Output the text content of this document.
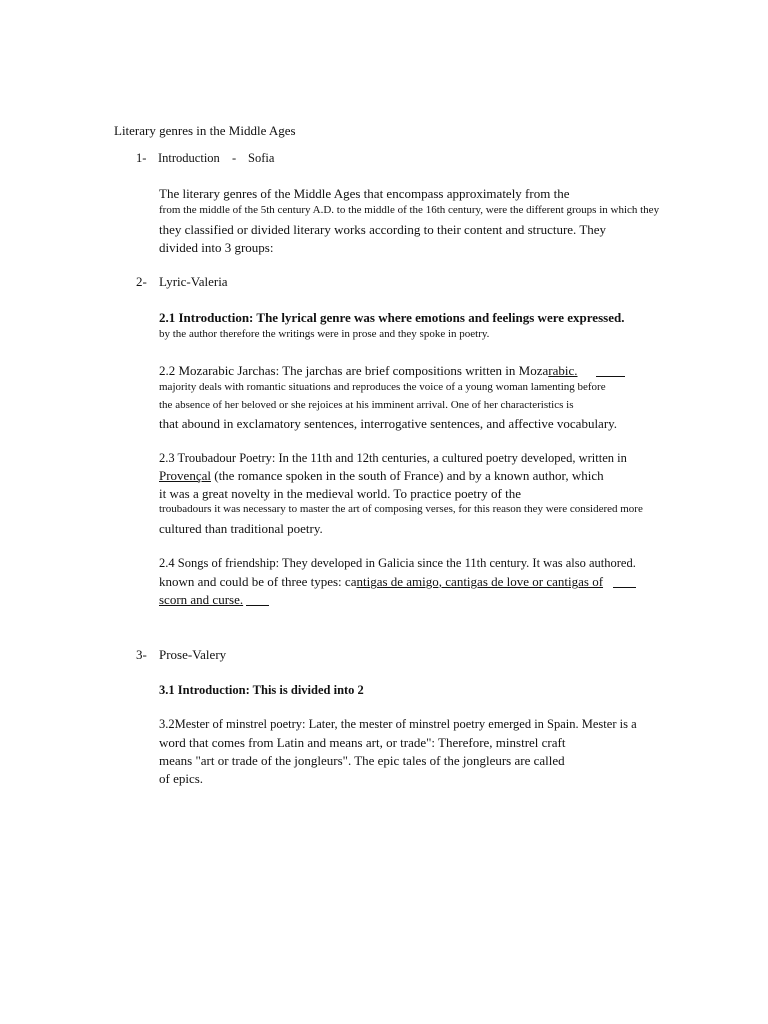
Literary genres in the Middle Ages
1- Introduction - Sofia
The literary genres of the Middle Ages that encompass approximately from the
from the middle of the 5th century A.D. to the middle of the 16th century, were the different groups in which they
they classified or divided literary works according to their content and structure. They
divided into 3 groups:
2- Lyric-Valeria
2.1 Introduction: The lyrical genre was where emotions and feelings were expressed.
by the author therefore the writings were in prose and they spoke in poetry.
2.2 Mozarabic Jarchas: The jarchas are brief compositions written in Mozarabic.
majority deals with romantic situations and reproduces the voice of a young woman lamenting before
the absence of her beloved or she rejoices at his imminent arrival. One of her characteristics is
that abound in exclamatory sentences, interrogative sentences, and affective vocabulary.
2.3 Troubadour Poetry: In the 11th and 12th centuries, a cultured poetry developed, written in
Provençal (the romance spoken in the south of France) and by a known author, which
it was a great novelty in the medieval world. To practice poetry of the
troubadours it was necessary to master the art of composing verses, for this reason they were considered more
cultured than traditional poetry.
2.4 Songs of friendship: They developed in Galicia since the 11th century. It was also authored.
known and could be of three types: cantigas de amigo, cantigas de love or cantigas of
scorn and curse.
3- Prose-Valery
3.1 Introduction: This is divided into 2
3.2Mester of minstrel poetry: Later, the mester of minstrel poetry emerged in Spain. Mester is a
word that comes from Latin and means art, or trade": Therefore, minstrel craft
means "art or trade of the jongleurs". The epic tales of the jongleurs are called
of epics.
